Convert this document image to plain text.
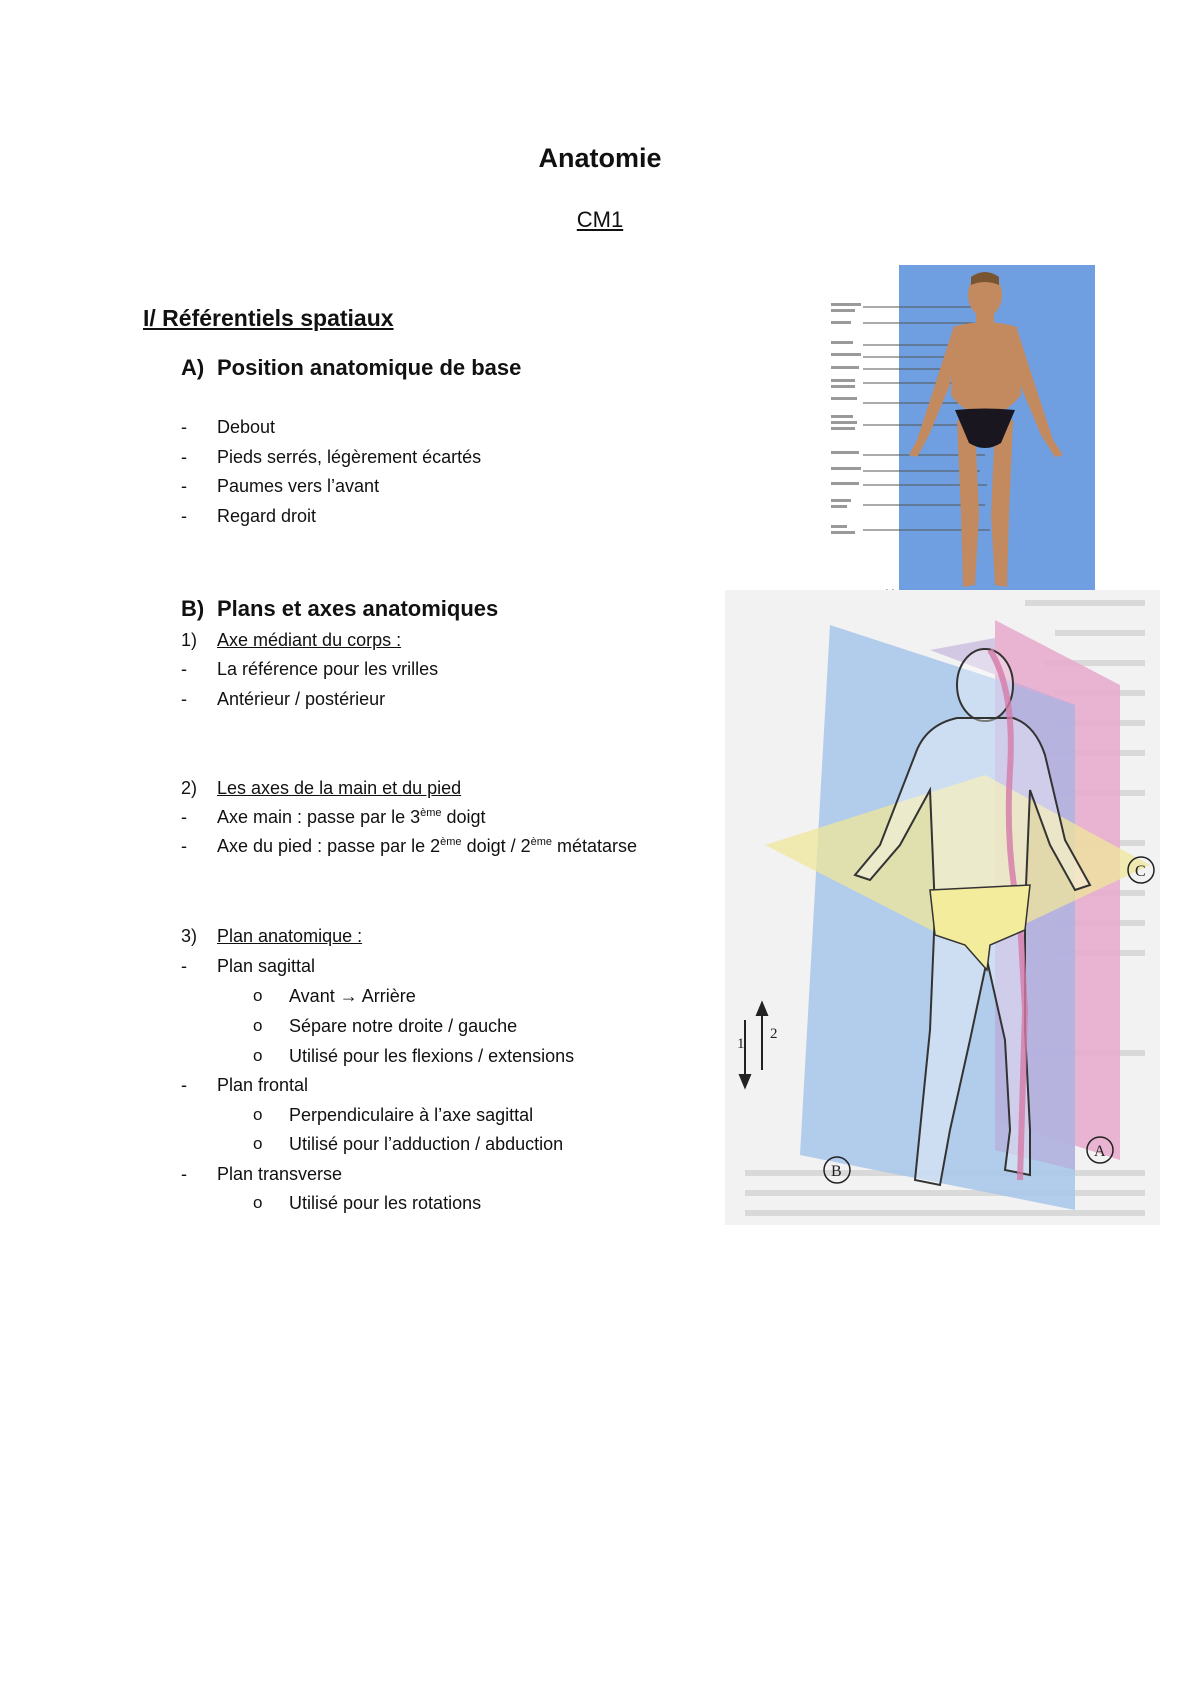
Anatomie
CM1
I/ Référentiels spatiaux
A) Position anatomique de base
- Debout
- Pieds serrés, légèrement écartés
- Paumes vers l’avant
- Regard droit
B) Plans et axes anatomiques
1) Axe médiant du corps :
- La référence pour les vrilles
- Antérieur / postérieur
2) Les axes de la main et du pied
- Axe main : passe par le 3ème doigt
- Axe du pied : passe par le 2ème doigt / 2ème métatarse
3) Plan anatomique :
- Plan sagittal
o Avant → Arrière
o Sépare notre droite / gauche
o Utilisé pour les flexions / extensions
- Plan frontal
o Perpendiculaire à l’axe sagittal
o Utilisé pour l’adduction / abduction
- Plan transverse
o Utilisé pour les rotations
C
A
B
1
2
